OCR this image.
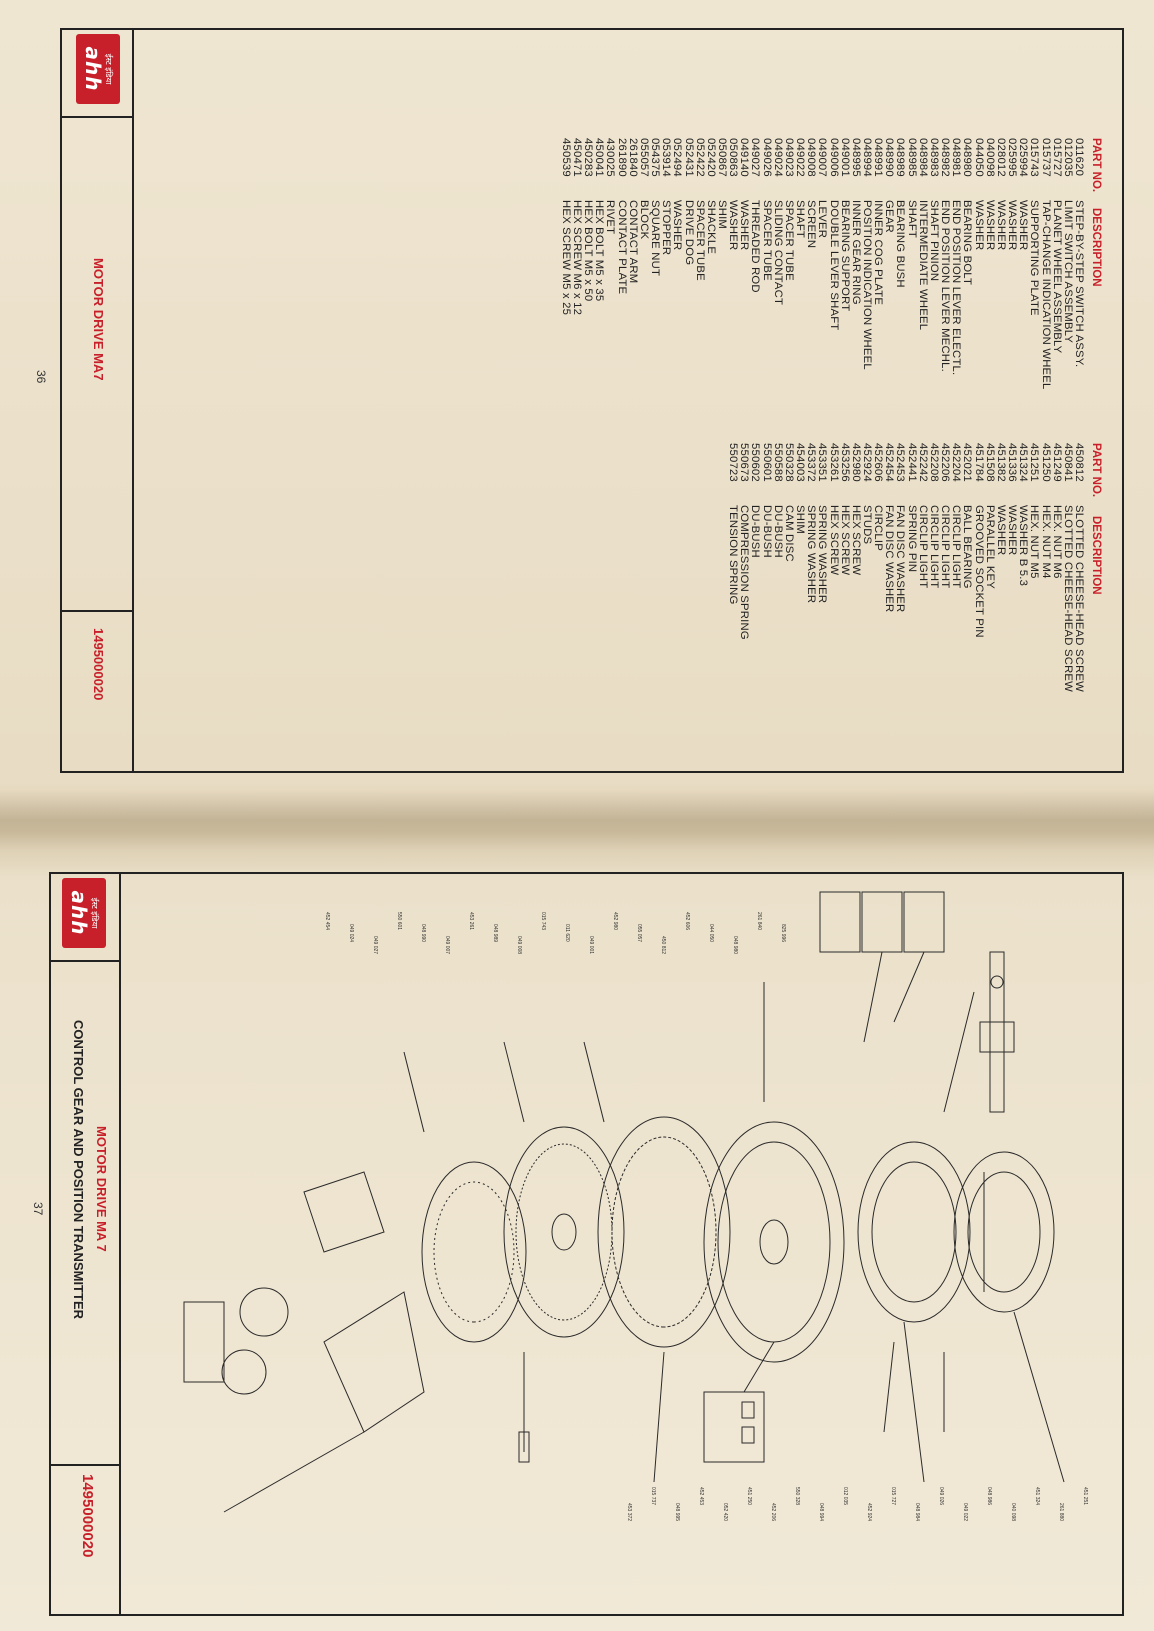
ईस्ट इंडिया
ahh
MOTOR DRIVE MA7
1495000020
36
PART NO.
DESCRIPTION
PART NO.
DESCRIPTION
011620
STEP-BY-STEP SWITCH ASSY.
012035
LIMIT SWITCH ASSEMBLY
015727
PLANET WHEEL ASSEMBLY
015737
TAP-CHANGE INDICATION WHEEL
015743
SUPPORTING PLATE
025994
WASHER
025995
WASHER
028012
WASHER
040098
WASHER
044050
WASHER
048980
BEARING BOLT
048981
END POSITION LEVER ELECTL.
048982
END POSITION LEVER MECHL.
048983
SHAFT PINION
048984
INTERMEDIATE WHEEL
048985
SHAFT
048989
BEARING BUSH
048990
GEAR
048991
INNER COG PLATE
048994
POSITION INDICATION WHEEL
048995
INNER GEAR RING
049001
BEARING SUPPORT
049006
DOUBLE LEVER SHAFT
049007
LEVER
049008
SCREEN
049022
SHAFT
049023
SPACER TUBE
049024
SLIDING CONTACT
049026
SPACER TUBE
049027
THREADED ROD
049140
WASHER
050863
WASHER
050867
SHIM
052420
SHACKLE
052422
SPACER TUBE
052431
DRIVE DOG
052494
WASHER
053914
STOPPER
054375
SQUARE NUT
055057
BLOCK
261840
CONTACT ARM
261890
CONTACT PLATE
430025
RIVET
450041
HEX BOLT M5 x 35
450283
HEX BOLT M5 x 50
450471
HEX SCREW M6 x 12
450539
HEX SCREW M5 x 25
450812
SLOTTED CHEESE-HEAD SCREW
450841
SLOTTED CHEESE-HEAD SCREW
451249
HEX. NUT M6
451250
HEX. NUT M4
451251
HEX. NUT M5
451324
WASHER B 5.3
451336
WASHER
451382
WASHER
451508
PARALLEL KEY
451784
GROOVED SOCKET PIN
452021
BALL BEARING
452204
CIRCLIP LIGHT
452206
CIRCLIP LIGHT
452208
CIRCLIP LIGHT
452242
CIRCLIP LIGHT
452441
SPRING PIN
452453
FAN DISC WASHER
452454
FAN DISC WASHER
452606
CIRCLIP
452924
STUDS
452980
HEX SCREW
453256
HEX SCREW
453261
HEX SCREW
453351
SPRING WASHER
453372
SPRING WASHER
454003
SHIM
550328
CAM DISC
550588
DU-BUSH
550601
DU-BUSH
550602
DU-BUSH
550673
COMPRESSION SPRING
550723
TENSION SPRING
ईस्ट इंडिया
ahh
MOTOR DRIVE MA 7
CONTROL GEAR AND POSITION TRANSMITTER
1495000020
37
451 251
825 996
261 880
261 840
451 324
048 980
040 098
044 050
048 986
452 606
049 022
450 812
049 026
055 057
048 984
452 980
015 727
049 001
452 924
011 620
012 035
015 743
048 994
049 008
550 328
048 989
452 206
453 261
451 250
049 007
052 420
048 990
452 453
550 601
048 995
049 027
015 737
049 024
453 372
452 454
